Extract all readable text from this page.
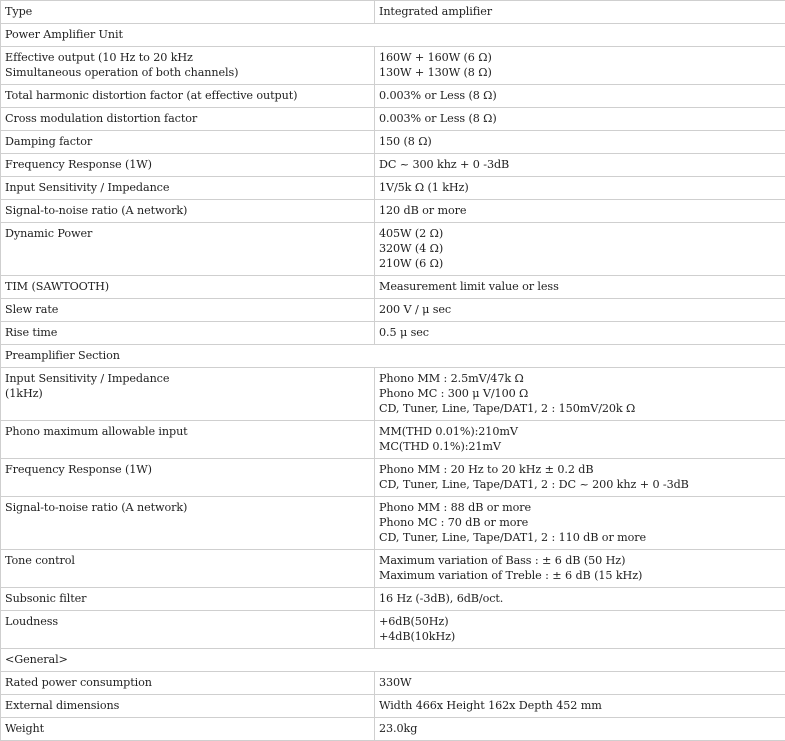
Type	Integrated amplifier

Power Amplifier Unit	

Effective output (10 Hz to 20 kHz
Simultaneous operation of both channels)	160W + 160W (6 Ω)
130W + 130W (8 Ω)

Total harmonic distortion factor (at effective output)	0.003% or Less (8 Ω)

Cross modulation distortion factor	0.003% or Less (8 Ω)

Damping factor	150 (8 Ω)

Frequency Response (1W)	DC ~ 300 khz + 0 -3dB

Input Sensitivity / Impedance	1V/5k Ω (1 kHz)

Signal-to-noise ratio (A network)	120 dB or more

Dynamic Power	405W (2 Ω)
320W (4 Ω)
210W (6 Ω)

TIM (SAWTOOTH)	Measurement limit value or less

Slew rate	200 V / μ sec

Rise time	0.5 μ sec

Preamplifier Section	

Input Sensitivity / Impedance
(1kHz)	Phono MM : 2.5mV/47k Ω
Phono MC : 300 μ V/100 Ω
CD, Tuner, Line, Tape/DAT1, 2 : 150mV/20k Ω

Phono maximum allowable input	MM(THD 0.01%):210mV
MC(THD 0.1%):21mV

Frequency Response (1W)	Phono MM : 20 Hz to 20 kHz ± 0.2 dB
CD, Tuner, Line, Tape/DAT1, 2 : DC ~ 200 khz + 0 -3dB

Signal-to-noise ratio (A network)	Phono MM : 88 dB or more
Phono MC : 70 dB or more
CD, Tuner, Line, Tape/DAT1, 2 : 110 dB or more

Tone control	Maximum variation of Bass : ± 6 dB (50 Hz)
Maximum variation of Treble : ± 6 dB (15 kHz)

Subsonic filter	16 Hz (-3dB), 6dB/oct.

Loudness	+6dB(50Hz)
+4dB(10kHz)

<General>	

Rated power consumption	330W

External dimensions	Width 466x Height 162x Depth 452 mm

Weight	23.0kg
